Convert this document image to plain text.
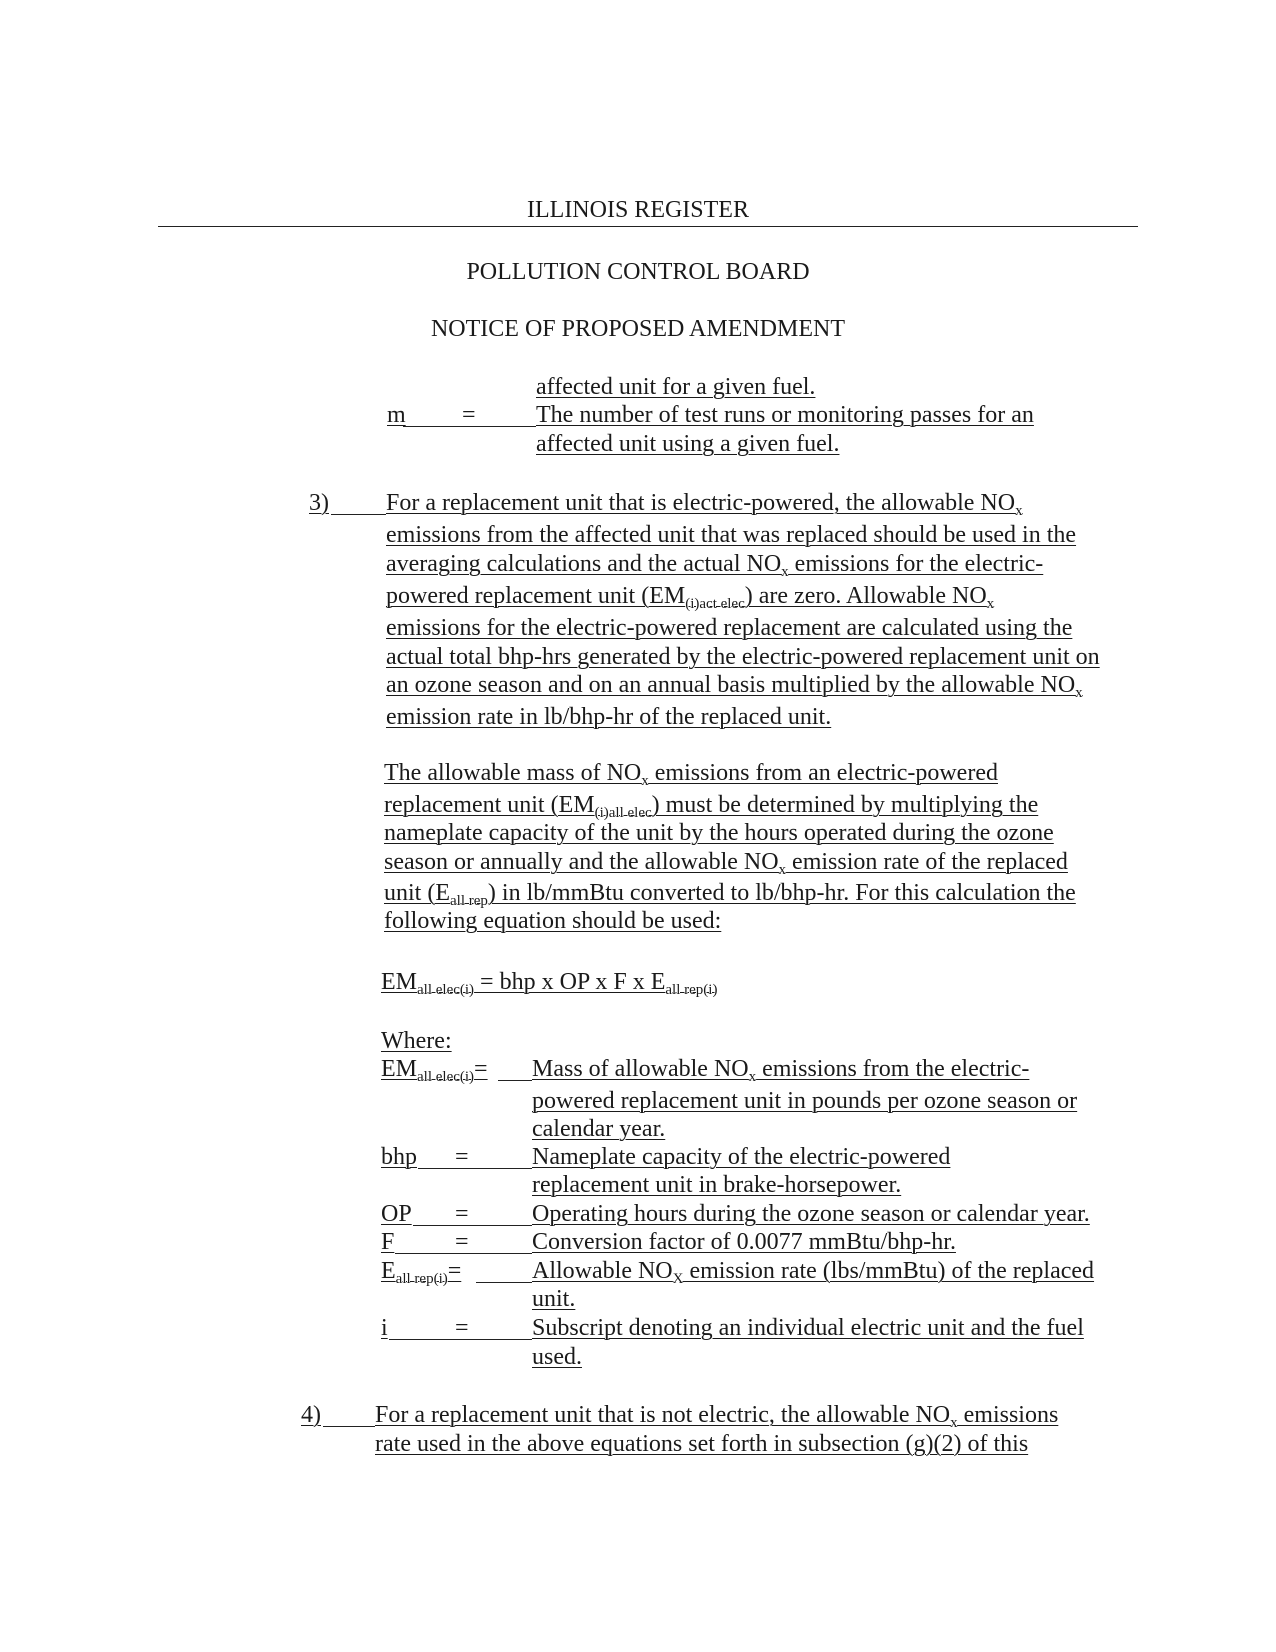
ILLINOIS REGISTER
POLLUTION CONTROL BOARD
NOTICE OF PROPOSED AMENDMENT
affected unit for a given fuel.
m =	The number of test runs or monitoring passes for an
affected unit using a given fuel.
3) For a replacement unit that is electric-powered, the allowable $NO_x$
emissions from the affected unit that was replaced should be used in the
averaging calculations and the actual $NO_x$ emissions for the electric-
powered replacement unit $(EM_{(i)act elec})$ are zero. Allowable $NO_x$
emissions for the electric-powered replacement are calculated using the
actual total bhp-hrs generated by the electric-powered replacement unit on
an ozone season and on an annual basis multiplied by the allowable $NO_x$
emission rate in lb/bhp-hr of the replaced unit.
The allowable mass of $NO_x$ emissions from an electric-powered
replacement unit $(EM_{(i)all elec})$ must be determined by multiplying the
nameplate capacity of the unit by the hours operated during the ozone
season or annually and the allowable $NO_x$ emission rate of the replaced
unit $(E_{all rep})$ in lb/mmBtu converted to lb/bhp-hr. For this calculation the
following equation should be used:
$EM_{all elec(i)}$ = bhp x OP x F x $E_{all rep(i)}$
Where:
$EM_{all elec(i)}=$ Mass of allowable $NO_x$ emissions from the electric-
powered replacement unit in pounds per ozone season or
calendar year.
bhp =	Nameplate capacity of the electric-powered
replacement unit in brake-horsepower.
OP =	Operating hours during the ozone season or calendar year.
F	=	Conversion factor of 0.0077 mmBtu/bhp-hr.
$E_{all rep(i)}=$	Allowable $NO_X$ emission rate (lbs/mmBtu) of the replaced
unit.
i	=	Subscript denoting an individual electric unit and the fuel
used.
4) For a replacement unit that is not electric, the allowable $NO_x$ emissions
rate used in the above equations set forth in subsection (g)(2) of this
